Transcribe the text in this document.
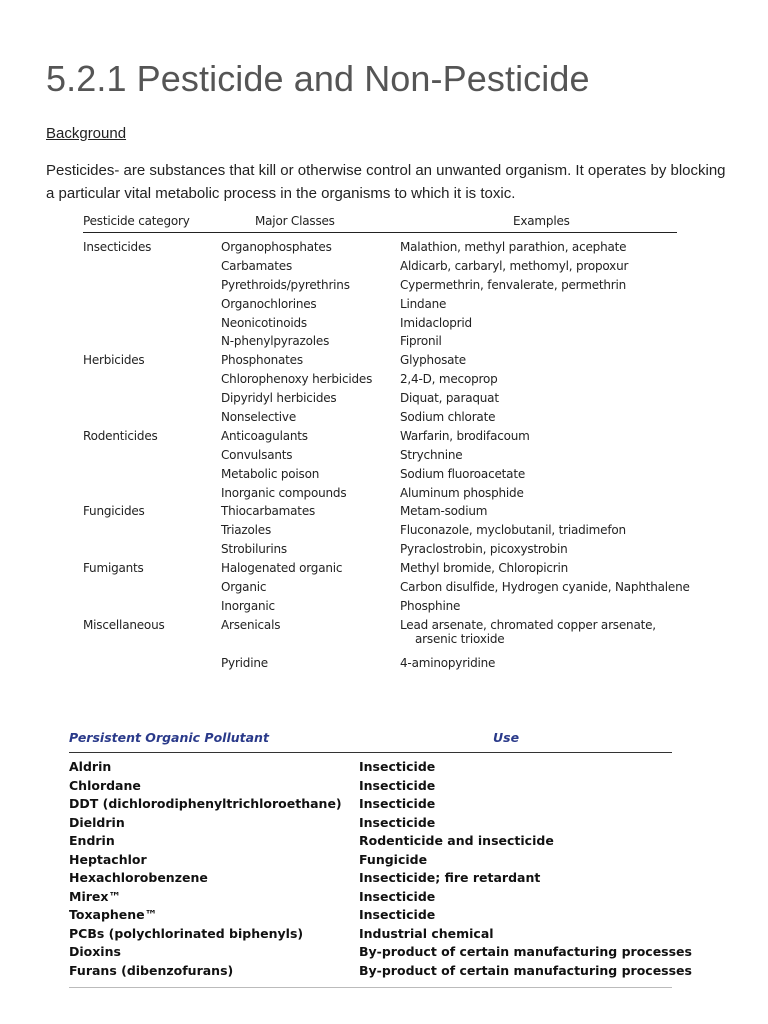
5.2.1 Pesticide and Non-Pesticide
Background

Pesticides- are substances that kill or otherwise control an unwanted organism. It operates by blocking a particular vital metabolic process in the organisms to which it is toxic.

Pesticide category	Major Classes	Examples
Insecticides	Organophosphates	Malathion, methyl parathion, acephate
Carbamates	Aldicarb, carbaryl, methomyl, propoxur
Pyrethroids/pyrethrins	Cypermethrin, fenvalerate, permethrin
Organochlorines	Lindane
Neonicotinoids	Imidacloprid
N-phenylpyrazoles	Fipronil
Herbicides	Phosphonates	Glyphosate
Chlorophenoxy herbicides 2,4-D, mecoprop
Dipyridyl herbicides	Diquat, paraquat
Nonselective	Sodium chlorate
Rodenticides	Anticoagulants	Warfarin, brodifacoum
Convulsants	Strychnine
Metabolic poison	Sodium fluoroacetate
Inorganic compounds	Aluminum phosphide
Fungicides	Thiocarbamates	Metam-sodium
Triazoles	Fluconazole, myclobutanil, triadimefon
Strobilurins	Pyraclostrobin, picoxystrobin
Fumigants	Halogenated organic	Methyl bromide, Chloropicrin
Organic	Carbon disulfide, Hydrogen cyanide, Naphthalene
Inorganic	Phosphine
Miscellaneous	Arsenicals	Lead arsenate, chromated copper arsenate,
arsenic trioxide
Pyridine	4-aminopyridine
Persistent Organic Pollutant	Use
Aldrin	Insecticide
Chlordane	Insecticide
DDT (dichlorodiphenyltrichloroethane) Insecticide
Dieldrin	Insecticide
Endrin	Rodenticide and insecticide
Heptachlor	Fungicide
Hexachlorobenzene	Insecticide; fire retardant
Mirex™	Insecticide
Toxaphene™	Insecticide
PCBs (polychlorinated biphenyls)	Industrial chemical
Dioxins	By-product of certain manufacturing processes
Furans (dibenzofurans)	By-product of certain manufacturing processes
